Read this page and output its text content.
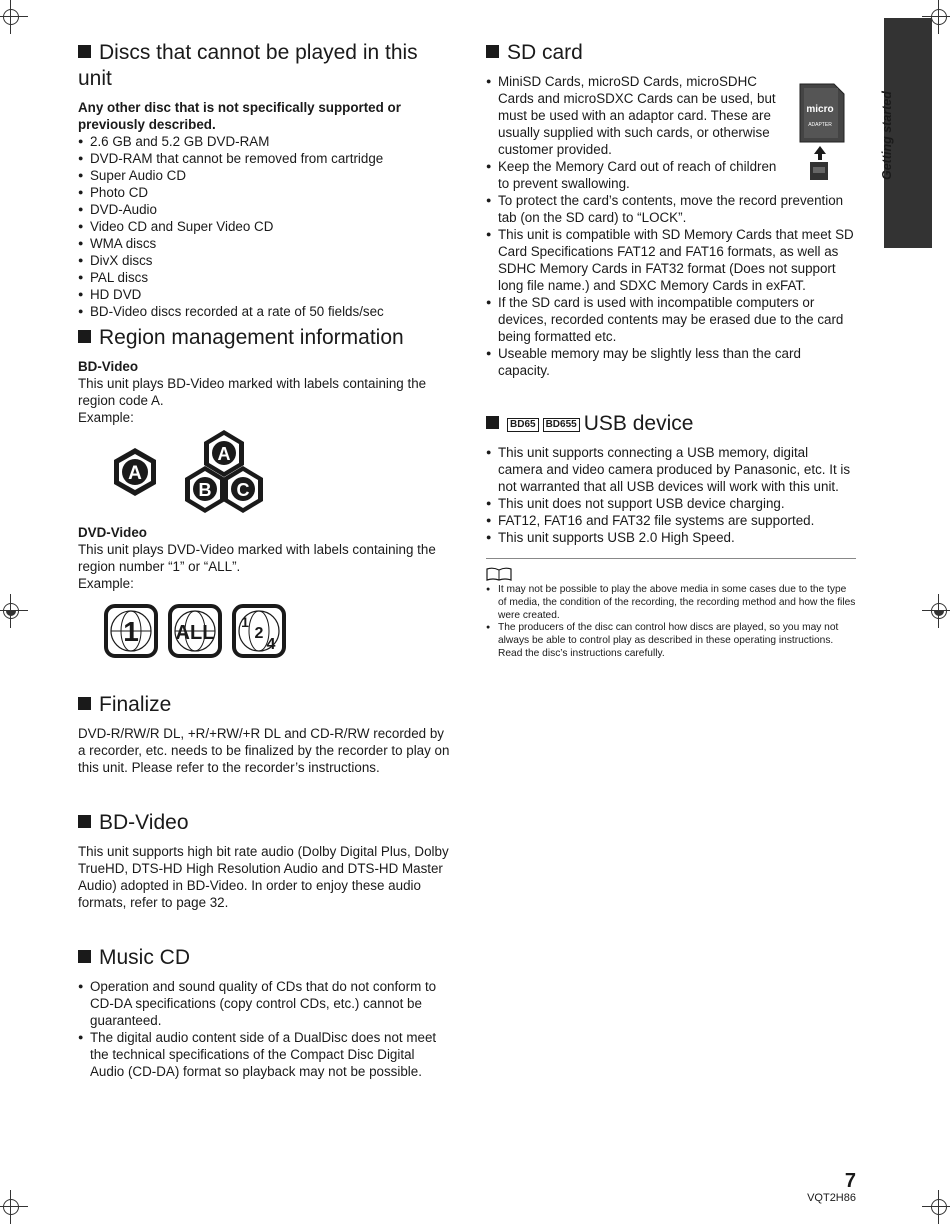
Getting started
Discs that cannot be played in this unit

Any other disc that is not specifically supported or previously described.

● 2.6 GB and 5.2 GB DVD-RAM
● DVD-RAM that cannot be removed from cartridge
● Super Audio CD
● Photo CD
● DVD-Audio
● Video CD and Super Video CD
● WMA discs
● DivX discs
● PAL discs
● HD DVD
● BD-Video discs recorded at a rate of 50 fields/sec
Region management information

BD-Video

This unit plays BD-Video marked with labels containing the region code A.

Example:

A
A
B C

DVD-Video

This unit plays DVD-Video marked with labels containing the region number “1” or “ALL”.

Example:

1 ALL 1
2
4
Finalize

DVD-R/RW/R DL, +R/+RW/+R DL and CD-R/RW recorded by a recorder, etc. needs to be finalized by the recorder to play on this unit. Please refer to the recorder’s instructions.

BD-Video

This unit supports high bit rate audio (Dolby Digital Plus, Dolby TrueHD, DTS-HD High Resolution Audio and DTS-HD Master Audio) adopted in BD-Video. In order to enjoy these audio formats, refer to page 32.

Music CD
● Operation and sound quality of CDs that do not conform to CD-DA specifications (copy control CDs, etc.) cannot be guaranteed.
● The digital audio content side of a DualDisc does not meet the technical specifications of the Compact Disc Digital Audio (CD-DA) format so playback may not be possible.
SD card
micro
ADAPTER
● MiniSD Cards, microSD Cards, microSDHC Cards and microSDXC Cards can be used, but must be used with an adaptor card. These are usually supplied with such cards, or otherwise customer provided.
● Keep the Memory Card out of reach of children to prevent swallowing.
● To protect the card’s contents, move the record prevention tab (on the SD card) to “LOCK”.
● This unit is compatible with SD Memory Cards that meet SD Card Specifications FAT12 and FAT16 formats, as well as SDHC Memory Cards in FAT32 format (Does not support long file name.) and SDXC Memory Cards in exFAT.
● If the SD card is used with incompatible computers or devices, recorded contents may be erased due to the card being formatted etc.
● Useable memory may be slightly less than the card capacity.
BD65 BD655 USB device
● This unit supports connecting a USB memory, digital camera and video camera produced by Panasonic, etc. It is not warranted that all USB devices will work with this unit.
● This unit does not support USB device charging.
● FAT12, FAT16 and FAT32 file systems are supported.
● This unit supports USB 2.0 High Speed.
● It may not be possible to play the above media in some cases due to the type of media, the condition of the recording, the recording method and how the files were created.
● The producers of the disc can control how discs are played, so you may not always be able to control play as described in these operating instructions. Read the disc’s instructions carefully.
7
VQT2H86
